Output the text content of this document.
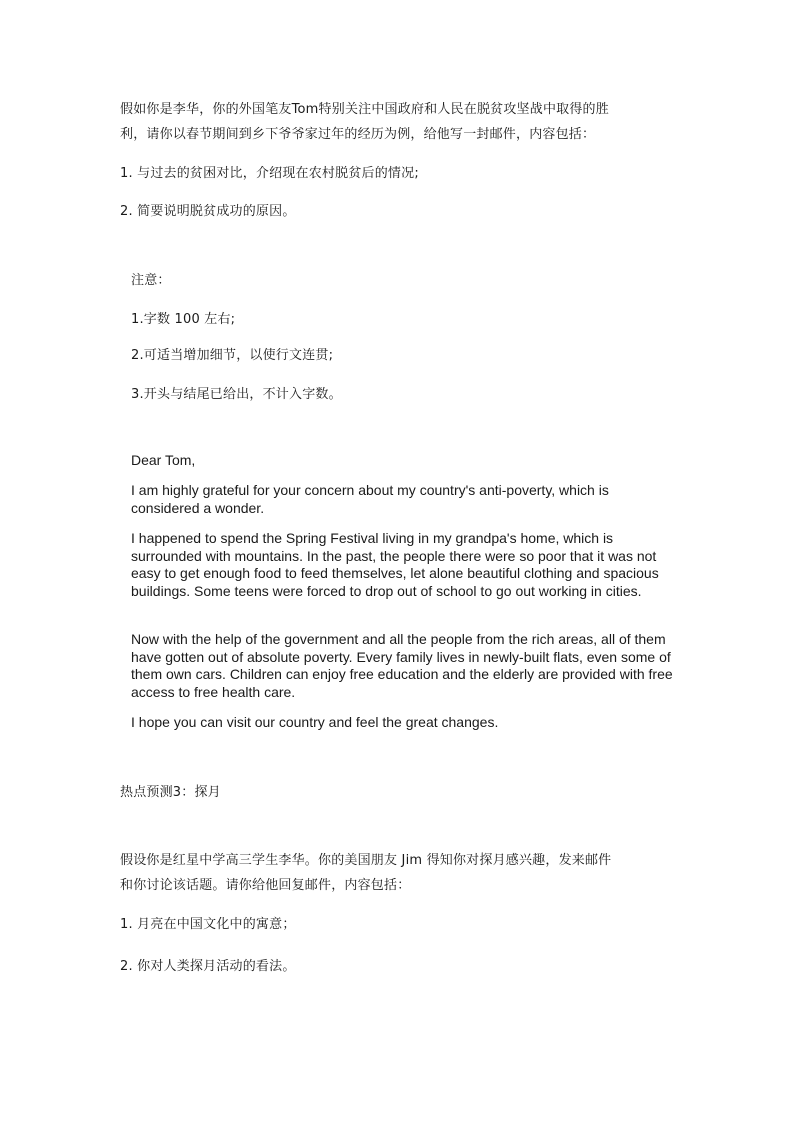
假如你是李华，你的外国笔友Tom特别关注中国政府和人民在脱贫攻坚战中取得的胜

利，请你以春节期间到乡下爷爷家过年的经历为例，给他写一封邮件，内容包括：

1. 与过去的贫困对比，介绍现在农村脱贫后的情况;

2. 简要说明脱贫成功的原因。

注意：

1.字数 100 左右;

2.可适当增加细节，以使行文连贯;

3.开头与结尾已给出，不计入字数。

Dear Tom,

I am highly grateful for your concern about my country's anti-poverty, which is considered a wonder.

I happened to spend the Spring Festival living in my grandpa's home, which is surrounded with mountains. In the past, the people there were so poor that it was not easy to get enough food to feed themselves, let alone beautiful clothing and spacious buildings. Some teens were forced to drop out of school to go out working in cities.

Now with the help of the government and all the people from the rich areas, all of them have gotten out of absolute poverty. Every family lives in newly-built flats, even some of them own cars. Children can enjoy free education and the elderly are provided with free access to free health care.

I hope you can visit our country and feel the great changes.

热点预测3：探月

假设你是红星中学高三学生李华。你的美国朋友 Jim 得知你对探月感兴趣，发来邮件

和你讨论该话题。请你给他回复邮件，内容包括：

1. 月亮在中国文化中的寓意；

2. 你对人类探月活动的看法。
